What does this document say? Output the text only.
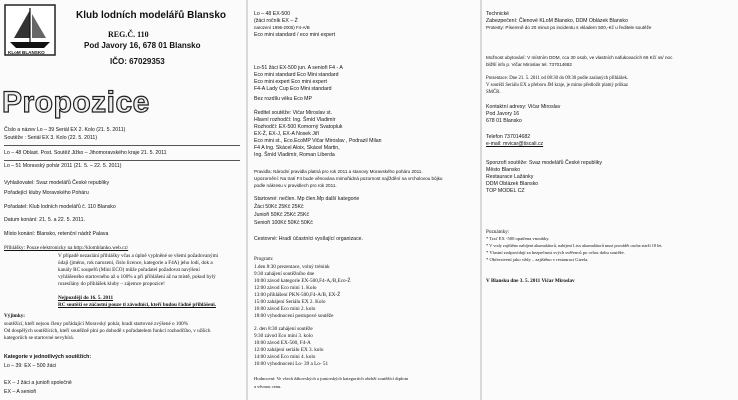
KLoM BLANSKO
Klub lodních modelářů Blansko
REG.Č. 110
Pod Javory 16, 678 01 Blansko
IČO: 67029353
Propozice
Číslo a název Lo – 39 Seriál EX 2. Kolo (21. 5. 2011)
Soutěže : Seriál EX 3. Kolo (22. 5. 2011)
Lo – 48 Oblast. Post. Soutěž Jižko – Jihomoravského kraje 21. 5. 2011
Lo – 51 Moravský pohár 2011 (21. 5. – 22. 5. 2011)
Vyhlašovatel: Svaz modelářů České republiky
Pořadející kluby Moravského Poháru
Pořadatel: Klub lodních modelářů č. 110 Blansko
Datum konání: 21. 5. a 22. 5. 2011.
Místo konání: Blansko, retenční nádrž Palava
Přihlášky: Pouze elektronicky na http://klomblanko.web.cz/
V případě nezaslání přihlášky včas a úplně vyplněné se všemi požadovanými
údaji (jméno, rok narození, číslo licence, kategorie a F4A) jeho lodí, dok a
kanály RC soupeřů (Mini ECO) může pořadatel požadovat navýšení
vyhlášeného startovného až o 100% a při přihlášení až na místě, pokud bylý
rozesílány do přihlášek kluby – zájemce propozice!
Nejpozději do 16. 5. 2011
RC soutěží se zúčastní pouze ti závodníci, kteří budou řádně přihlášeni.
Výjimky:
soutěžící, kteří nejsou členy pořádající Moravský pohár, hradí startovné zvýšené o 100%
Od dospělých soutěžících, kteří soutěžně plní po dohodě s pořadatelem funkci rozhodčího, v užších
kategoriích se startovné nevybírá.
Kategorie v jednotlivých soutěžích:
Lo – 39: EX – 500 žáci
EX – J žáci a junioři společně
EX – A senioři
Lo – 48 EX-500
(žáci ročník EX – Ž
narození 1996-2005) F4-A/B
Eco mini standard / eco mini expert
Lo-51 žáci EX-500 jun. A senioři F4 - A
Eco mini standard Eco Mini standard
Eco mini expert Eco mini expert
F4-A Lady Cup Eco Mini standard
Bez rozdílu věku Eco MP
Ředitel soutěže: Vičar Miroslav st.
Hlavní rozhodčí: Ing. Šmíd Vladimír
Rozhodčí: EX-500 Komorný Svatopluk
EX-Ž, EX-J, EX-A Nosek Jiří
Eco mini st., Eco.EcoMP Vičar Miroslav , Podrazil Milan
F4 A Ing. Skácel Aloix, Skácel Martin,
Ing. Šmíd Vladimír, Roman Liberda
Pravidla: Národní pravidla platná pro rok 2011 a stanovy Moravského poháru 2011.
Upozornění: Na tratí F4 bude věnována mimořádná pozornost najíždění na vrcholovou bójku
podle nákresu v pravidlech pro rok 2011.
Startovné: nečlen. Mp člen.Mp další kategorie
Žáci 50Kč 25Kč 25Kč
Junioři 50Kč 25Kč 25Kč
Senioři 100Kč 50Kč 50Kč
Cestovné: Hradí účastníci vysílající organizace.
Program:
1.den 8:30 prezentace, volný trénink
9:30 zahájení soutěžního dne
10:00 závod kategorie EX-500,F4-A,/B,Eco-Ž
12:00 závod Eco mini 1. Kolo
13:00 přihlášení PKN-500,F4-A/B, EX-Ž
15:00 zahájení Seriálu EX 2. Kolo
16:00 závod Eco mini 2. kolo
18:00 vyhodnocení postupové soutěže
2. den 8:30 zahájení soutěže
9:30 závod Eco mini 3. kolo
10:00 závod EX-500, F4-A
12:00 zahájení seriálu EX 3. kolo
14:00 závod Eco mini 4. kolo
16:00 vyhodnocení Lo- 39 a Lo- 51
Hodnocení: Ve všech žákovských a juniorských kategoriích obdrží soutěžící diplom
a věcnou cenu.
Technické
Zabezpečení: Členové KLoM Blansko, DDM Oblázek Blansko
Protesty: Písemně do 20 minut po incidentu s vkladem 500,-Kč u ředitele soutěže
Možnost ubytování: V místním DDM, cca 30 osob, ve vlastních nafukovacích 66 Kč/ os/ noc
bližší info p. Vičar Miroslav tel. 737014682
Prezentace: Dne 21. 5. 2011 od 08:30 do 09:30 podle zaslaných přihlášek.
V soutěži Seriálu EX a přeboru JM kraje, je mimo předložit platný průkaz
SMČR.
Kontaktní adresy: Vičar Miroslav
Pod Javory 16
678 01 Blansko
Telefon 737014682
e-mail: mvicar@tiscali.cz
Sponzoři soutěže: Svaz modelářů České republiky
Město Blansko
Restaurace Lažánky
DDM Oblázek Blansko
TOP MODEL CZ
Poznámky:
* Trať EX -500 opatřena vnoubky.
* V vody zajištěno nabíjení akumulátorů, nabíjení Lixx akumulátorů musí provádět osoba starší 18 let.
* Vlastní zodpovídají za bezpečnost svých svěřenců po celou dobu soutěže.
* Občerstvení jako vždy – zajištěno v restauraci Gizela.
V Blansku dne 3. 5. 2011 Vičar Miroslav
